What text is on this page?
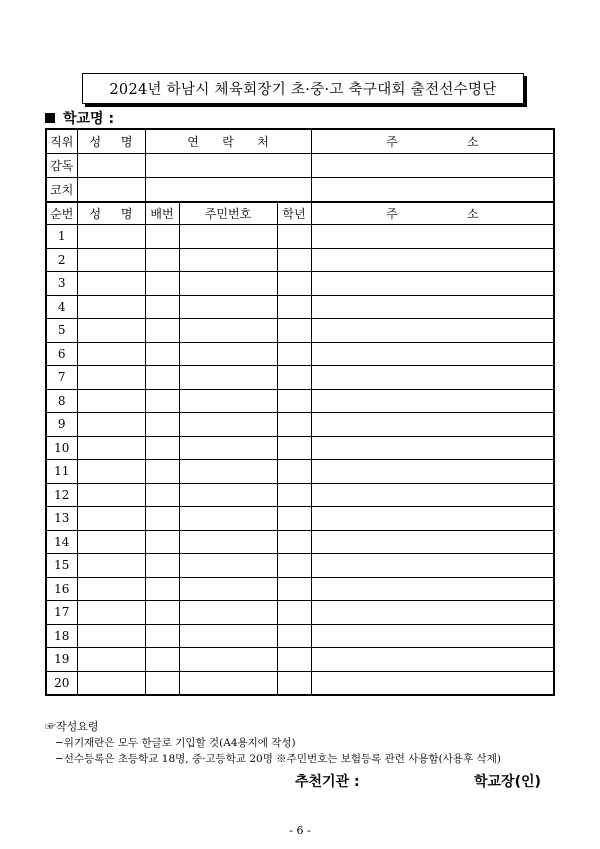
2024년 하남시 체육회장기 초·중·고 축구대회 출전선수명단
학교명 :
직위	성 명	연 락 처			주 소

감독					
코치					
순번	성 명	배번	주민번호	학년	주 소

1					
2					
3					
4					
5					
6					
7					
8					
9					
10					
11					
12					
13					
14					
15					
16					
17					
18					
19					
20					
☞작성요령
−위기재란은 모두 한글로 기입할 것(A4용지에 작성)
−선수등록은 초등학교 18명, 중·고등학교 20명 ※주민번호는 보험등록 관련 사용함(사용후 삭제)
추천기관 :	학교장(인)
- 6 -
